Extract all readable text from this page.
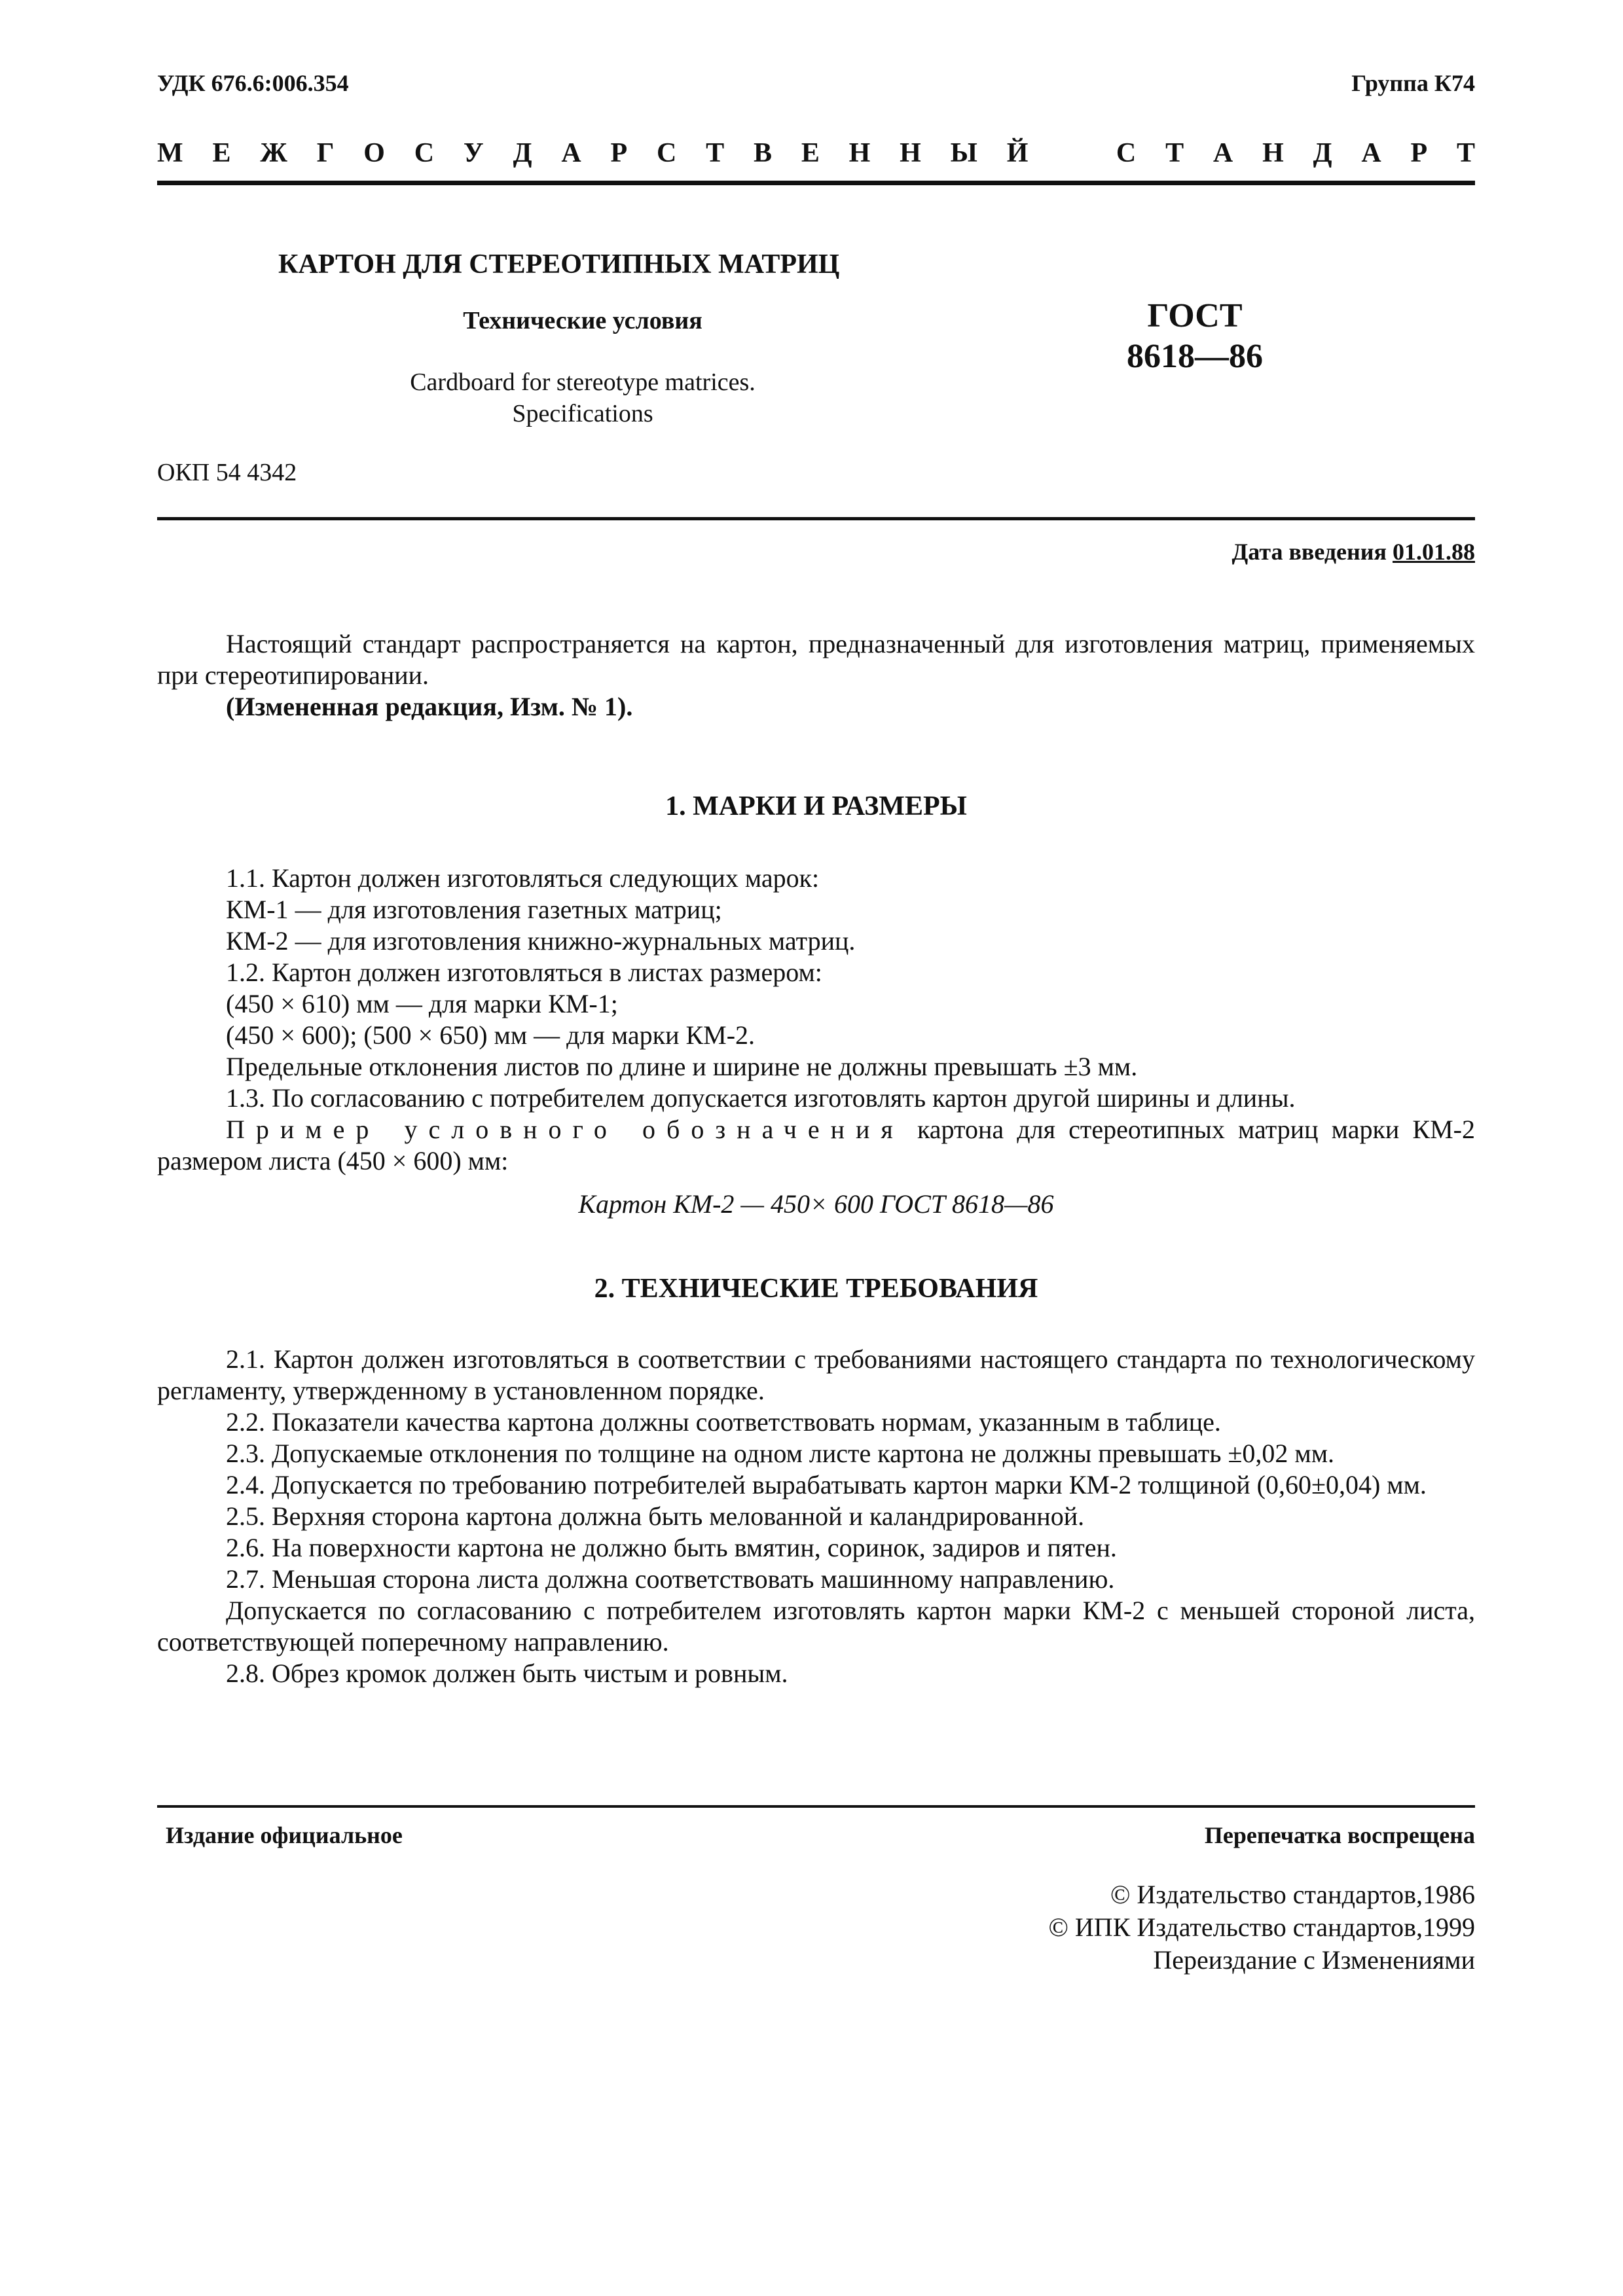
УДК 676.6:006.354	Группа К74
М Е Ж Г О С У Д А Р С Т В Е Н Н Ы Й	С Т А Н Д А Р Т
КАРТОН ДЛЯ СТЕРЕОТИПНЫХ МАТРИЦ
Технические условия
Cardboard for stereotype matrices.
Specifications
ГОСТ
8618—86
ОКП 54 4342
Дата введения 01.01.88

Настоящий стандарт распространяется на картон, предназначенный для изготовления матриц, применяемых при стереотипировании.

(Измененная редакция, Изм. № 1).

1. МАРКИ И РАЗМЕРЫ

1.1. Картон должен изготовляться следующих марок:

КМ-1 — для изготовления газетных матриц;

КМ-2 — для изготовления книжно-журнальных матриц.

1.2. Картон должен изготовляться в листах размером:

(450 × 610) мм — для марки КМ-1;

(450 × 600); (500 × 650) мм — для марки КМ-2.

Предельные отклонения листов по длине и ширине не должны превышать ±3 мм.

1.3. По согласованию с потребителем допускается изготовлять картон другой ширины и длины.

Пример условного обозначения картона для стереотипных матриц марки КМ-2 размером листа (450 × 600) мм:

Картон КМ-2 — 450× 600 ГОСТ 8618—86

2. ТЕХНИЧЕСКИЕ ТРЕБОВАНИЯ

2.1. Картон должен изготовляться в соответствии с требованиями настоящего стандарта по технологическому регламенту, утвержденному в установленном порядке.

2.2. Показатели качества картона должны соответствовать нормам, указанным в таблице.

2.3. Допускаемые отклонения по толщине на одном листе картона не должны превышать ±0,02 мм.

2.4. Допускается по требованию потребителей вырабатывать картон марки КМ-2 толщиной (0,60±0,04) мм.

2.5. Верхняя сторона картона должна быть мелованной и каландрированной.

2.6. На поверхности картона не должно быть вмятин, соринок, задиров и пятен.

2.7. Меньшая сторона листа должна соответствовать машинному направлению.

Допускается по согласованию с потребителем изготовлять картон марки КМ-2 с меньшей стороной листа, соответствующей поперечному направлению.

2.8. Обрез кромок должен быть чистым и ровным.

Издание официальное	Перепечатка воспрещена
© Издательство стандартов,1986
© ИПК Издательство стандартов,1999
Переиздание с Изменениями
